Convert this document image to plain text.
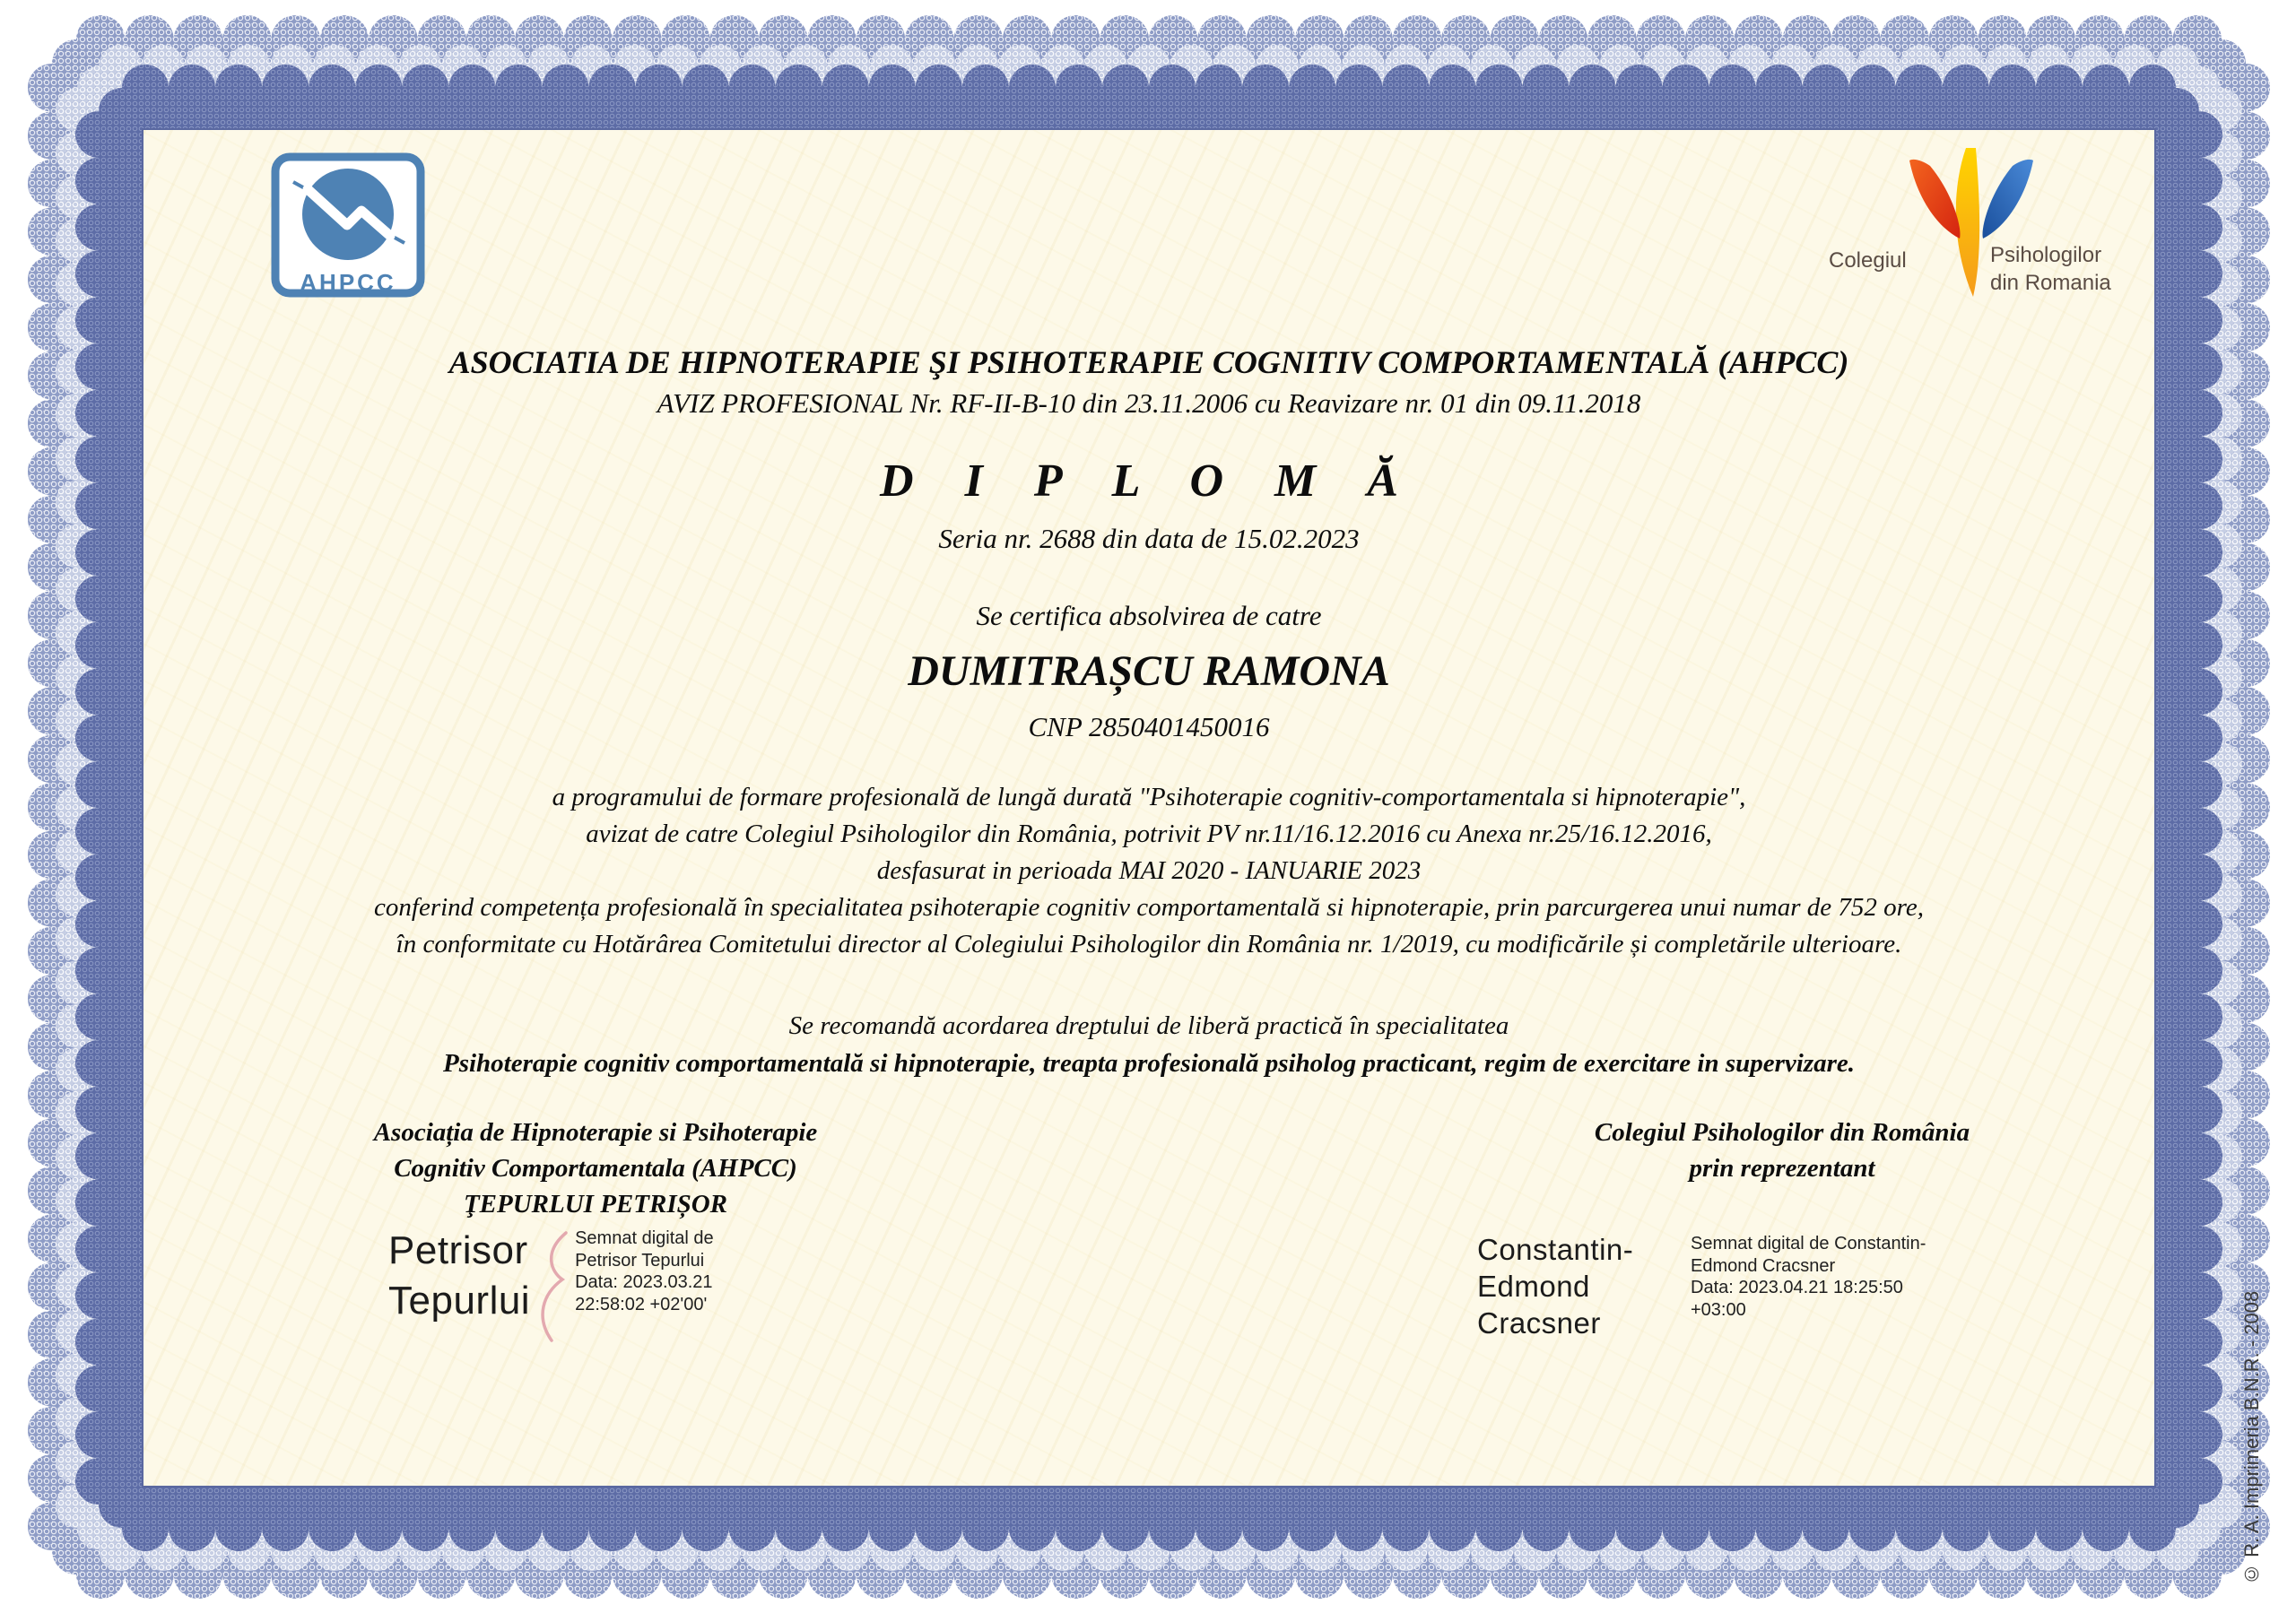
AHPCC
Colegiul	Psihologilor
din Romania
ASOCIATIA DE HIPNOTERAPIE ŞI PSIHOTERAPIE COGNITIV COMPORTAMENTALĂ (AHPCC)
AVIZ PROFESIONAL Nr. RF-II-B-10 din 23.11.2006 cu Reavizare nr. 01 din 09.11.2018
D I P L O M Ă
Seria nr. 2688 din data de 15.02.2023
Se certifica absolvirea de catre
DUMITRAȘCU RAMONA
CNP 2850401450016
a programului de formare profesională de lungă durată "Psihoterapie cognitiv-comportamentala si hipnoterapie",
avizat de catre Colegiul Psihologilor din România, potrivit PV nr.11/16.12.2016 cu Anexa nr.25/16.12.2016,
desfasurat in perioada MAI 2020 - IANUARIE 2023
conferind competența profesională în specialitatea psihoterapie cognitiv comportamentală si hipnoterapie, prin parcurgerea unui numar de 752 ore,
în conformitate cu Hotărârea Comitetului director al Colegiului Psihologilor din România nr. 1/2019, cu modificările și completările ulterioare.
Se recomandă acordarea dreptului de liberă practică în specialitatea
Psihoterapie cognitiv comportamentală si hipnoterapie, treapta profesională psiholog practicant, regim de exercitare in supervizare.
Asociația de Hipnoterapie si Psihoterapie
Cognitiv Comportamentala (AHPCC)
ŢEPURLUI PETRIȘOR
Colegiul Psihologilor din România
prin reprezentant
Petrisor
Tepurlui
Semnat digital de
Petrisor Tepurlui
Data: 2023.03.21
22:58:02 +02'00'
Constantin-
Edmond Cracsner
Semnat digital de Constantin-
Edmond Cracsner
Data: 2023.04.21 18:25:50
+03:00	© R. A. Imprimeria B.N.R. - 2008
